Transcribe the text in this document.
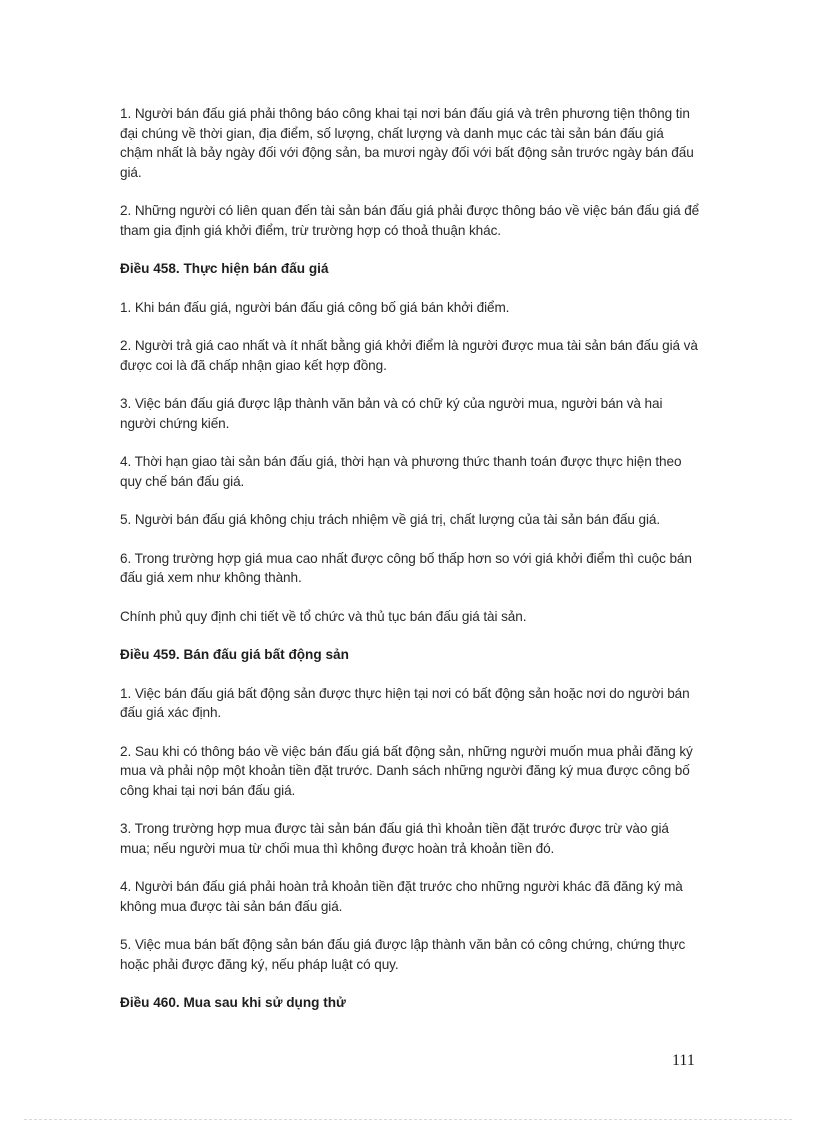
1. Người bán đấu giá phải thông báo công khai tại nơi bán đấu giá và trên phương tiện thông tin đại chúng về thời gian, địa điểm, số lượng, chất lượng và danh mục các tài sản bán đấu giá chậm nhất là bảy ngày đối với động sản, ba mươi ngày đối với bất động sản trước ngày bán đấu giá.

2. Những người có liên quan đến tài sản bán đấu giá phải được thông báo về việc bán đấu giá để tham gia định giá khởi điểm, trừ trường hợp có thoả thuận khác.

Điều 458. Thực hiện bán đấu giá

1. Khi bán đấu giá, người bán đấu giá công bố giá bán khởi điểm.

2. Người trả giá cao nhất và ít nhất bằng giá khởi điểm là người được mua tài sản bán đấu giá và được coi là đã chấp nhận giao kết hợp đồng.

3. Việc bán đấu giá được lập thành văn bản và có chữ ký của người mua, người bán và hai người chứng kiến.

4. Thời hạn giao tài sản bán đấu giá, thời hạn và phương thức thanh toán được thực hiện theo quy chế bán đấu giá.

5. Người bán đấu giá không chịu trách nhiệm về giá trị, chất lượng của tài sản bán đấu giá.

6. Trong trường hợp giá mua cao nhất được công bố thấp hơn so với giá khởi điểm thì cuộc bán đấu giá xem như không thành.

Chính phủ quy định chi tiết về tổ chức và thủ tục bán đấu giá tài sản.

Điều 459. Bán đấu giá bất động sản

1. Việc bán đấu giá bất động sản được thực hiện tại nơi có bất động sản hoặc nơi do người bán đấu giá xác định.

2. Sau khi có thông báo về việc bán đấu giá bất động sản, những người muốn mua phải đăng ký mua và phải nộp một khoản tiền đặt trước. Danh sách những người đăng ký mua được công bố công khai tại nơi bán đấu giá.

3. Trong trường hợp mua được tài sản bán đấu giá thì khoản tiền đặt trước được trừ vào giá mua; nếu người mua từ chối mua thì không được hoàn trả khoản tiền đó.

4. Người bán đấu giá phải hoàn trả khoản tiền đặt trước cho những người khác đã đăng ký mà không mua được tài sản bán đấu giá.

5. Việc mua bán bất động sản bán đấu giá được lập thành văn bản có công chứng, chứng thực hoặc phải được đăng ký, nếu pháp luật có quy.

Điều 460. Mua sau khi sử dụng thử

111
